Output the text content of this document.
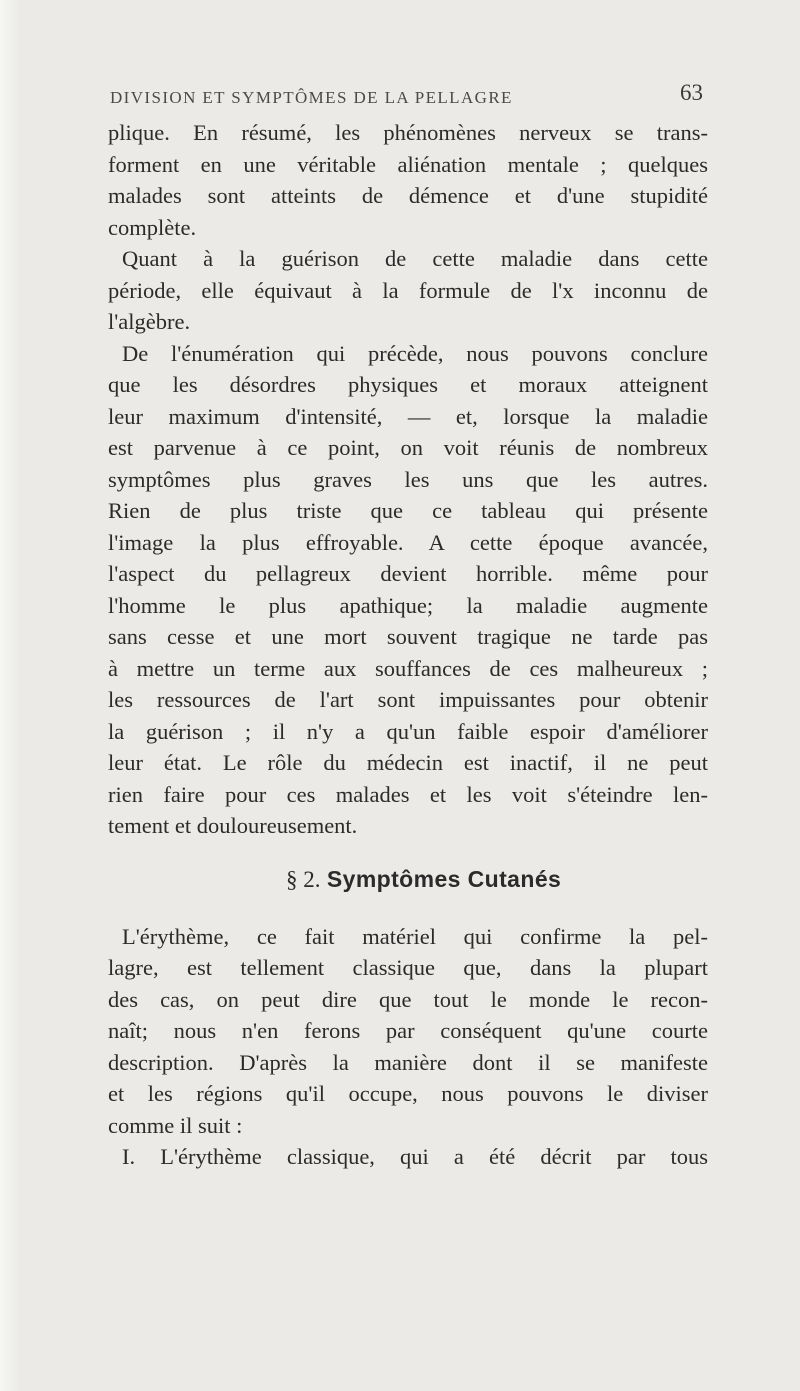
DIVISION ET SYMPTÔMES DE LA PELLAGRE	63
plique. En résumé, les phénomènes nerveux se trans-
forment en une véritable aliénation mentale ; quelques
malades sont atteints de démence et d'une stupidité
complète.
Quant à la guérison de cette maladie dans cette
période, elle équivaut à la formule de l'x inconnu de
l'algèbre.
De l'énumération qui précède, nous pouvons conclure
que les désordres physiques et moraux atteignent
leur maximum d'intensité, — et, lorsque la maladie
est parvenue à ce point, on voit réunis de nombreux
symptômes plus graves les uns que les autres.
Rien de plus triste que ce tableau qui présente
l'image la plus effroyable. A cette époque avancée,
l'aspect du pellagreux devient horrible. même pour
l'homme le plus apathique; la maladie augmente
sans cesse et une mort souvent tragique ne tarde pas
à mettre un terme aux souffances de ces malheureux ;
les ressources de l'art sont impuissantes pour obtenir
la guérison ; il n'y a qu'un faible espoir d'améliorer
leur état. Le rôle du médecin est inactif, il ne peut
rien faire pour ces malades et les voit s'éteindre len-
tement et douloureusement.
§ 2. Symptômes Cutanés
L'érythème, ce fait matériel qui confirme la pel-
lagre, est tellement classique que, dans la plupart
des cas, on peut dire que tout le monde le recon-
naît; nous n'en ferons par conséquent qu'une courte
description. D'après la manière dont il se manifeste
et les régions qu'il occupe, nous pouvons le diviser
comme il suit :
I. L'érythème classique, qui a été décrit par tous
